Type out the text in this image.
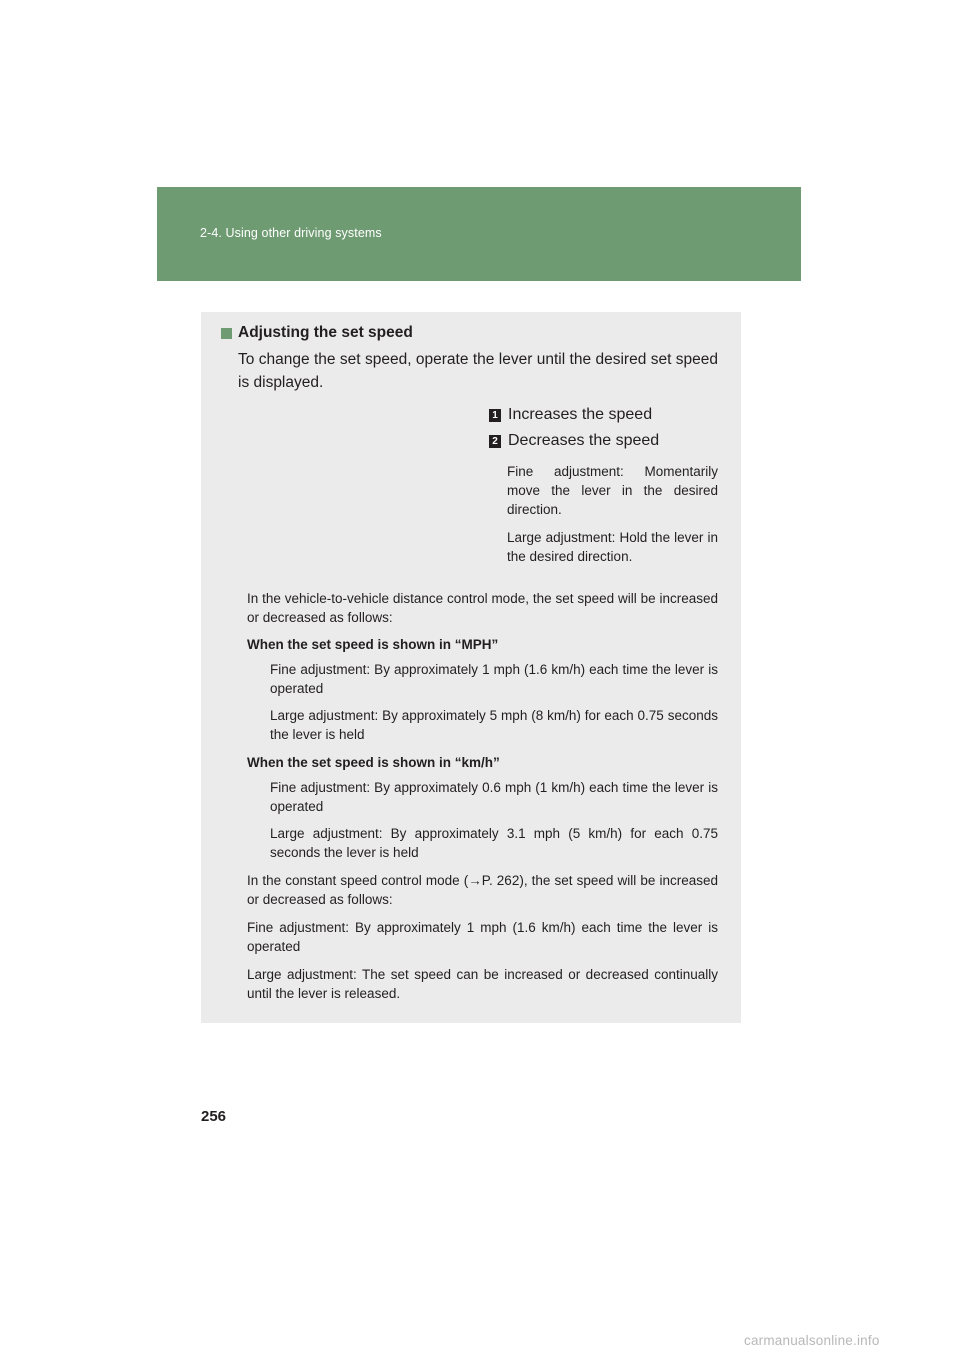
2-4. Using other driving systems
Adjusting the set speed
To change the set speed, operate the lever until the desired set speed is displayed.
1 Increases the speed
2 Decreases the speed
Fine adjustment: Momentarily move the lever in the desired direction.
Large adjustment: Hold the lever in the desired direction.
In the vehicle-to-vehicle distance control mode, the set speed will be increased or decreased as follows:
When the set speed is shown in “MPH”
Fine adjustment: By approximately 1 mph (1.6 km/h) each time the lever is operated
Large adjustment: By approximately 5 mph (8 km/h) for each 0.75 seconds the lever is held
When the set speed is shown in “km/h”
Fine adjustment: By approximately 0.6 mph (1 km/h) each time the lever is operated
Large adjustment: By approximately 3.1 mph (5 km/h) for each 0.75 seconds the lever is held
In the constant speed control mode (→P. 262), the set speed will be increased or decreased as follows:
Fine adjustment: By approximately 1 mph (1.6 km/h) each time the lever is operated
Large adjustment: The set speed can be increased or decreased continually until the lever is released.
256
carmanualsonline.info
